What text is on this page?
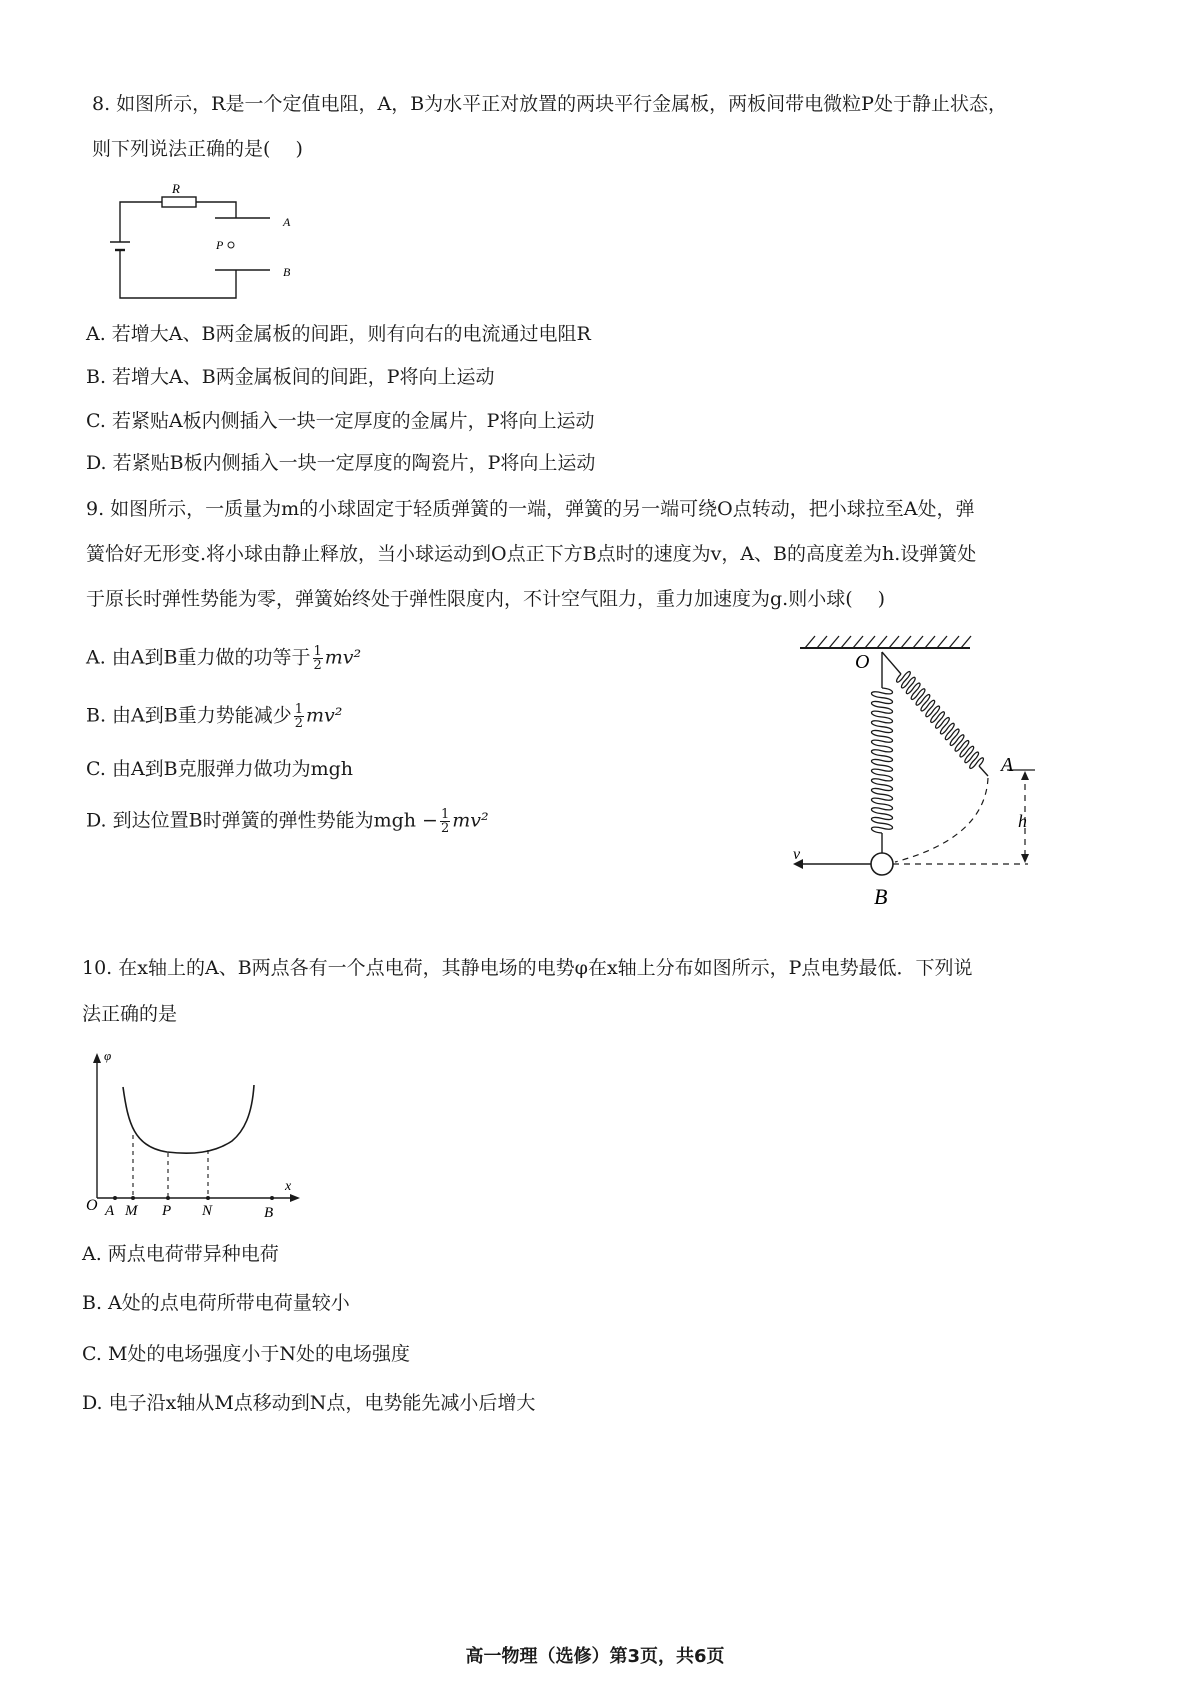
8. 如图所示，R是一个定值电阻，A，B为水平正对放置的两块平行金属板，两板间带电微粒P处于静止状态，
则下列说法正确的是(　 )
R
A
B
P
A. 若增大A、B两金属板的间距，则有向右的电流通过电阻R
B. 若增大A、B两金属板间的间距，P将向上运动
C. 若紧贴A板内侧插入一块一定厚度的金属片，P将向上运动
D. 若紧贴B板内侧插入一块一定厚度的陶瓷片，P将向上运动
9. 如图所示，一质量为m的小球固定于轻质弹簧的一端，弹簧的另一端可绕O点转动，把小球拉至A处，弹
簧恰好无形变.将小球由静止释放，当小球运动到O点正下方B点时的速度为v，A、B的高度差为h.设弹簧处
于原长时弹性势能为零，弹簧始终处于弹性限度内，不计空气阻力，重力加速度为g.则小球(　 )
A. 由A到B重力做的功等于 $\frac{1}{2} mv^2$
B. 由A到B重力势能减少 $\frac{1}{2} mv^2$
C. 由A到B克服弹力做功为mgh
D. 到达位置B时弹簧的弹性势能为mgh − $\frac{1}{2} mv^2$
O
A
B
h
v
10. 在x轴上的A、B两点各有一个点电荷，其静电场的电势φ在x轴上分布如图所示，P点电势最低．下列说
法正确的是
φ
x
O A M P N	B
A. 两点电荷带异种电荷
B. A处的点电荷所带电荷量较小
C. M处的电场强度小于N处的电场强度
D. 电子沿x轴从M点移动到N点，电势能先减小后增大
高一物理（选修）第3页，共6页
